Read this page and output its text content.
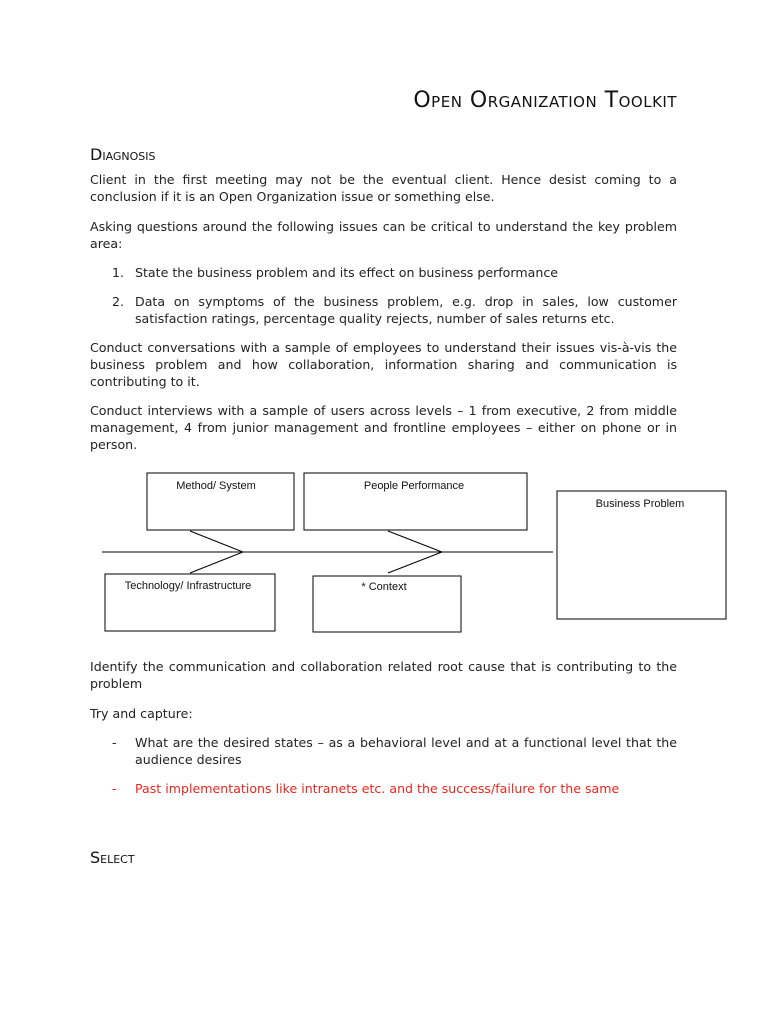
Open Organization Toolkit
Diagnosis

Client in the first meeting may not be the eventual client. Hence desist coming to a conclusion if it is an Open Organization issue or something else.

Asking questions around the following issues can be critical to understand the key problem area:

1. State the business problem and its effect on business performance
2. Data on symptoms of the business problem, e.g. drop in sales, low customer satisfaction ratings, percentage quality rejects, number of sales returns etc.

Conduct conversations with a sample of employees to understand their issues vis-à-vis the business problem and how collaboration, information sharing and communication is contributing to it.

Conduct interviews with a sample of users across levels – 1 from executive, 2 from middle management, 4 from junior management and frontline employees – either on phone or in person.

Method/ System	People Performance
Business Problem
Technology/ Infrastructure	* Context

Identify the communication and collaboration related root cause that is contributing to the problem

Try and capture:

- What are the desired states – as a behavioral level and at a functional level that the audience desires
- Past implementations like intranets etc. and the success/failure for the same
Select
